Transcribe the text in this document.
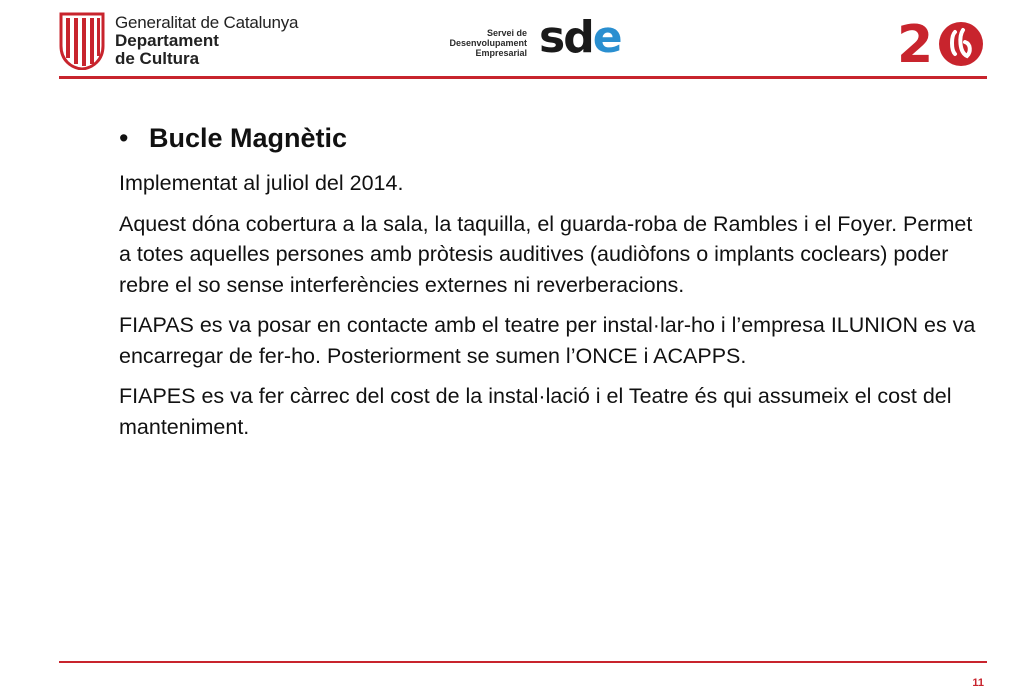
Generalitat de Catalunya
Departament
de Cultura
Servei de
Desenvolupament
Empresarial sde	2
• Bucle Magnètic

Implementat al juliol del 2014.

Aquest dóna cobertura a la sala, la taquilla, el guarda-roba de Rambles i el Foyer. Permet a totes aquelles persones amb pròtesis auditives (audiòfons o implants coclears) poder rebre el so sense interferències externes ni reverberacions.

FIAPAS es va posar en contacte amb el teatre per instal·lar-ho i l’empresa ILUNION es va encarregar de fer-ho. Posteriorment se sumen l’ONCE i ACAPPS.

FIAPES es va fer càrrec del cost de la instal·lació i el Teatre és qui assumeix el cost del manteniment.

11
